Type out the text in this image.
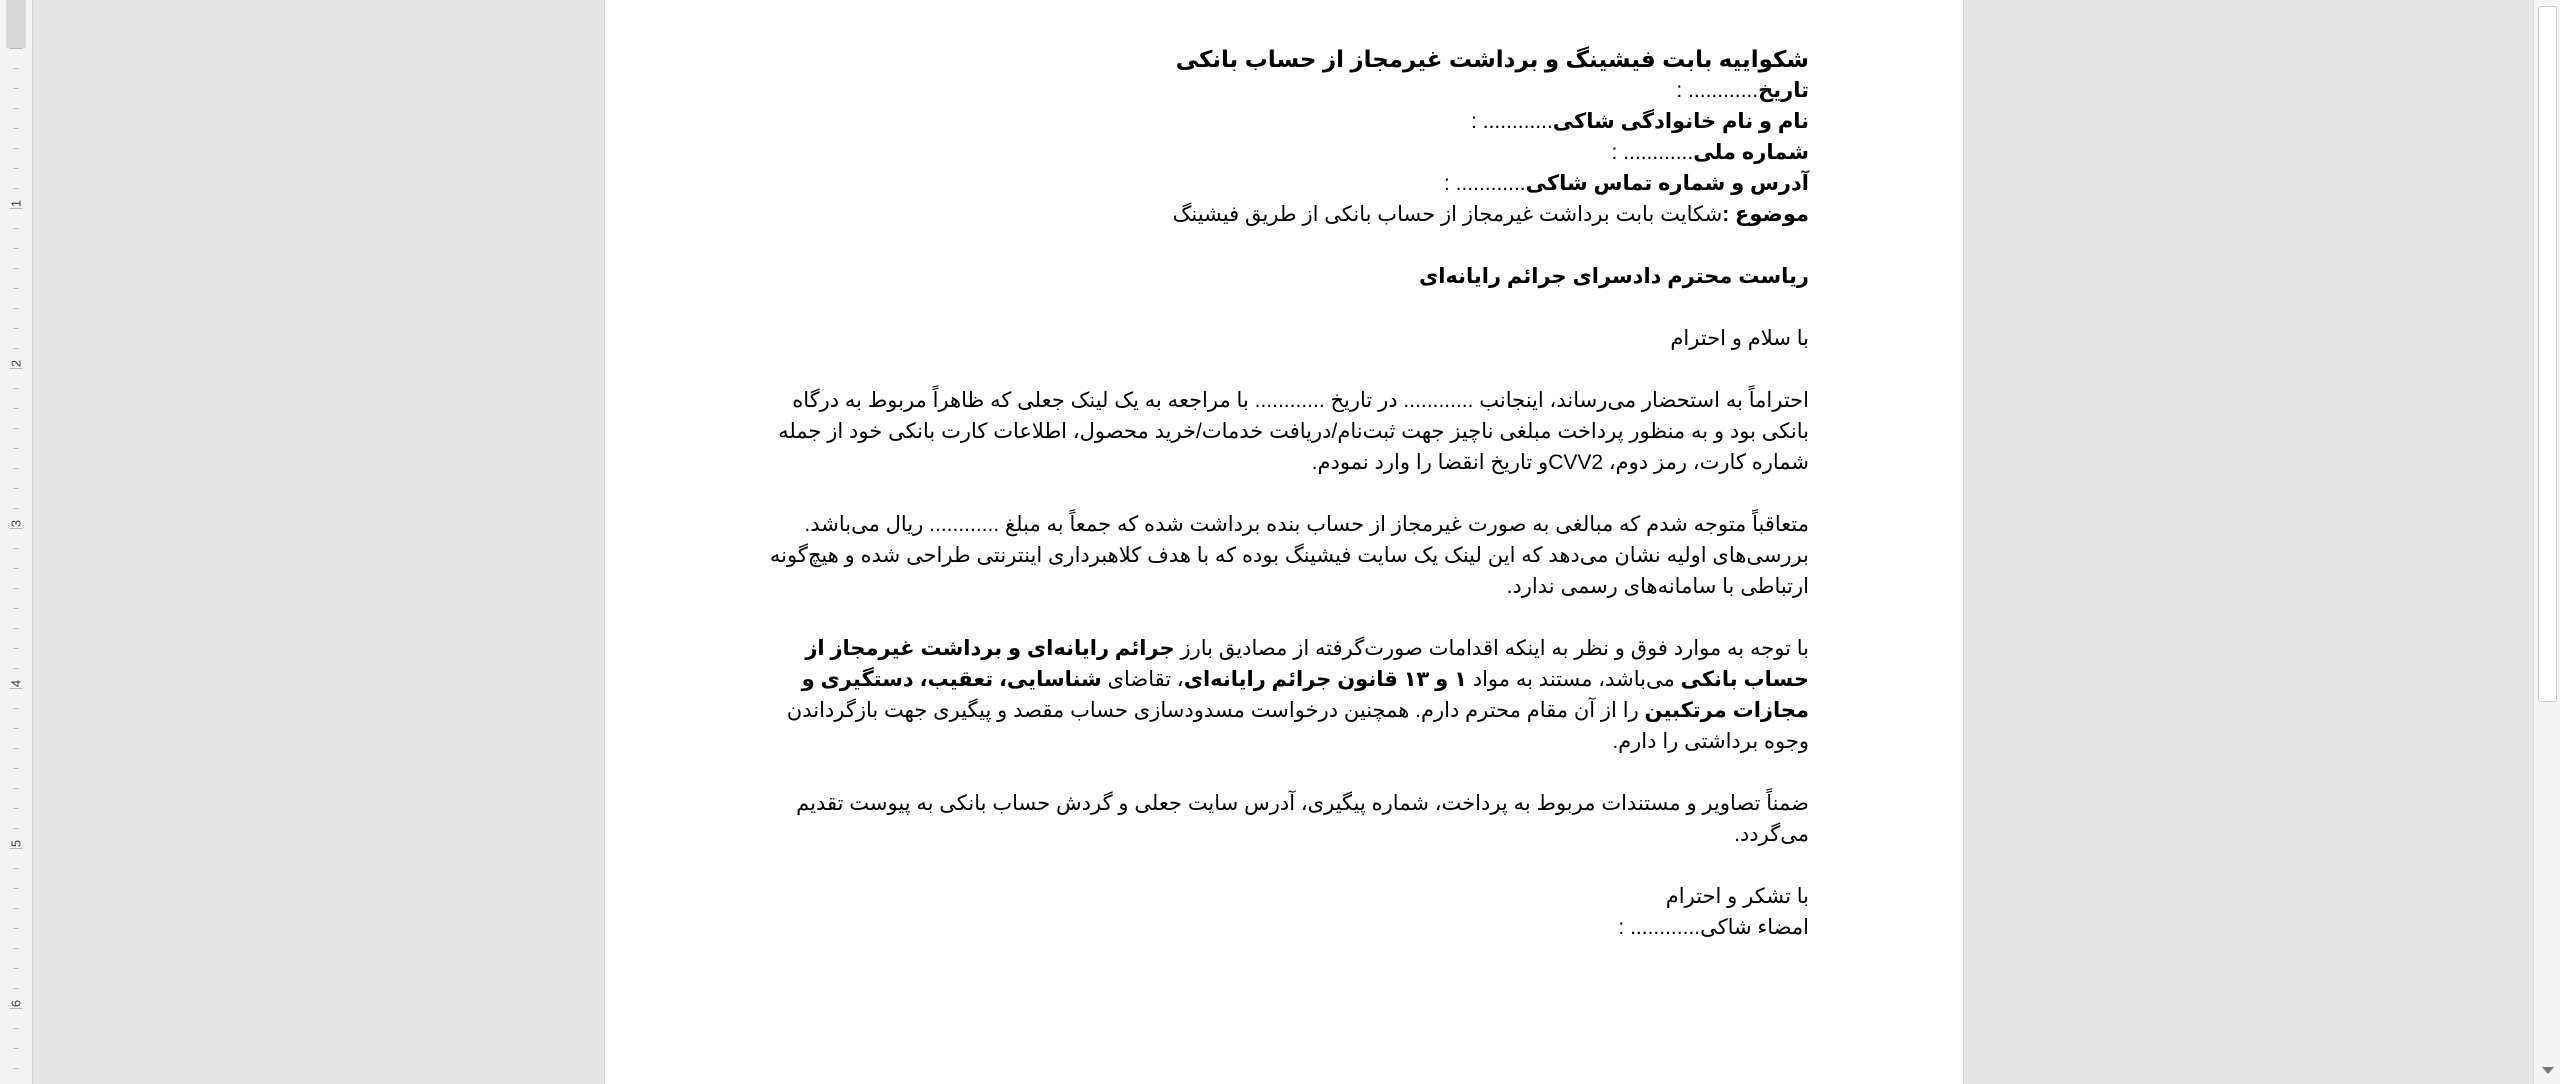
1
2
3
4
5
6

شکواییه بابت فیشینگ و برداشت غیرمجاز از حساب بانکی

تاریخ............ :

نام و نام خانوادگی شاکی............ :

شماره ملی............ :

آدرس و شماره تماس شاکی............ :

موضوع :شکایت بابت برداشت غیرمجاز از حساب بانکی از طریق فیشینگ

ریاست محترم دادسرای جرائم رایانه‌ای

با سلام و احترام

احتراماً به استحضار می‌رساند، اینجانب ............ در تاریخ ............ با مراجعه به یک لینک جعلی که ظاهراً مربوط به درگاه بانکی بود و به منظور پرداخت مبلغی ناچیز جهت ثبت‌نام/دریافت خدمات/خرید محصول، اطلاعات کارت بانکی خود از جمله شماره کارت، رمز دوم، CVV2و تاریخ انقضا را وارد نمودم.

متعاقباً متوجه شدم که مبالغی به صورت غیرمجاز از حساب بنده برداشت شده که جمعاً به مبلغ ............ ریال می‌باشد. بررسی‌های اولیه نشان می‌دهد که این لینک یک سایت فیشینگ بوده که با هدف کلاهبرداری اینترنتی طراحی شده و هیچ‌گونه ارتباطی با سامانه‌های رسمی ندارد.

با توجه به موارد فوق و نظر به اینکه اقدامات صورت‌گرفته از مصادیق بارز جرائم رایانه‌ای و برداشت غیرمجاز از حساب بانکی می‌باشد، مستند به مواد ۱ و ۱۳ قانون جرائم رایانه‌ای، تقاضای شناسایی، تعقیب، دستگیری و مجازات مرتکبین را از آن مقام محترم دارم. همچنین درخواست مسدودسازی حساب مقصد و پیگیری جهت بازگرداندن وجوه برداشتی را دارم.

ضمناً تصاویر و مستندات مربوط به پرداخت، شماره پیگیری، آدرس سایت جعلی و گردش حساب بانکی به پیوست تقدیم می‌گردد.

با تشکر و احترام

امضاء شاکی............ :
